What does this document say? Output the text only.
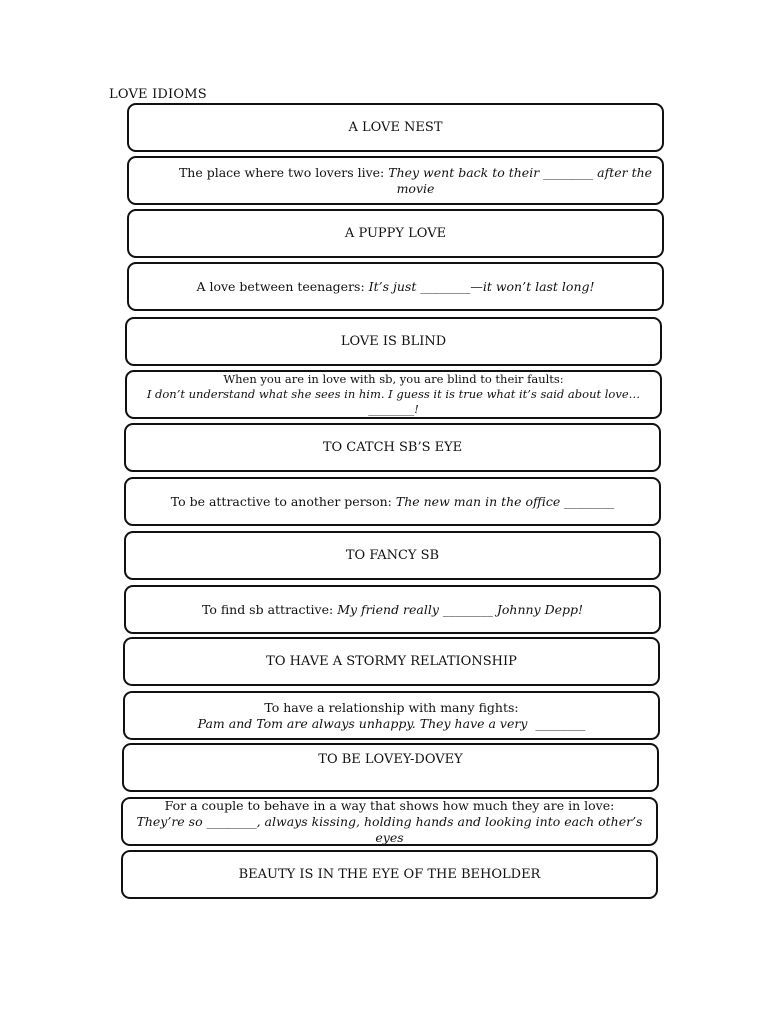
LOVE IDIOMS
A LOVE NEST
The place where two lovers live: They went back to their ________ after the movie
A PUPPY LOVE
A love between teenagers: It’s just ________—it won’t last long!
LOVE IS BLIND
When you are in love with sb, you are blind to their faults:
I don’t understand what she sees in him. I guess it is true what it’s said about love…________!
TO CATCH SB’S EYE
To be attractive to another person: The new man in the office ________
TO FANCY SB
To find sb attractive: My friend really ________ Johnny Depp!
TO HAVE A STORMY RELATIONSHIP
To have a relationship with many fights:
Pam and Tom are always unhappy. They have a very  ________
TO BE LOVEY-DOVEY
For a couple to behave in a way that shows how much they are in love:
They’re so ________, always kissing, holding hands and looking into each other’s eyes
BEAUTY IS IN THE EYE OF THE BEHOLDER
